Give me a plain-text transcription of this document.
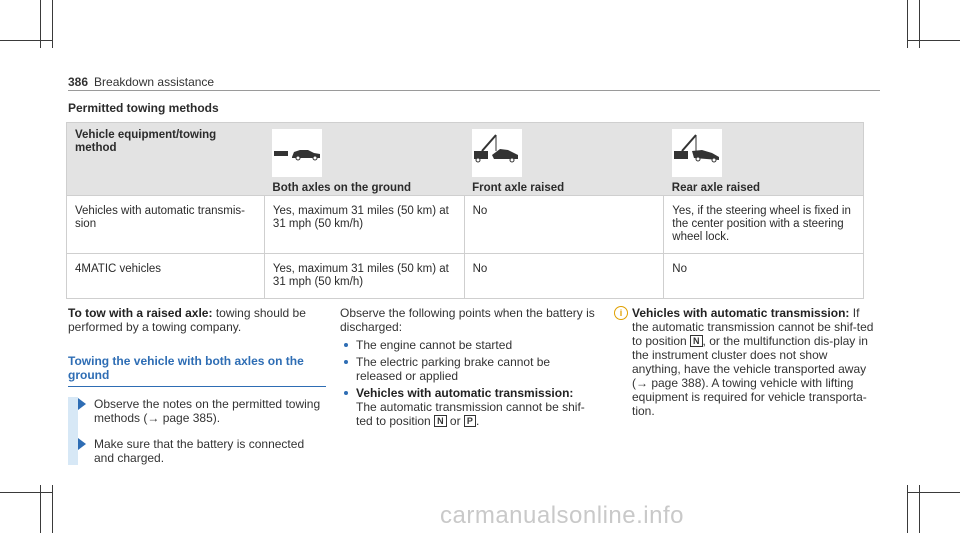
386 Breakdown assistance
Permitted towing methods
Vehicle equipment/towing method	Both axles on the ground	Front axle raised	Rear axle raised

Vehicles with automatic transmis-sion	Yes, maximum 31 miles (50 km) at 31 mph (50 km/h)	No	Yes, if the steering wheel is fixed in the center position with a steering wheel lock.
4MATIC vehicles	Yes, maximum 31 miles (50 km) at 31 mph (50 km/h)	No	No
To tow with a raised axle: towing should be performed by a towing company.
Towing the vehicle with both axles on the ground
Observe the notes on the permitted towing methods (→ page 385).
Make sure that the battery is connected and charged.
Observe the following points when the battery is discharged:
The engine cannot be started
The electric parking brake cannot be released or applied
Vehicles with automatic transmission:
The automatic transmission cannot be shif-ted to position N or P .
i Vehicles with automatic transmission: If the automatic transmission cannot be shif-ted to position N , or the multifunction dis-play in the instrument cluster does not show anything, have the vehicle transported away (→ page 388). A towing vehicle with lifting equipment is required for vehicle transporta-tion.
carmanualsonline.info
